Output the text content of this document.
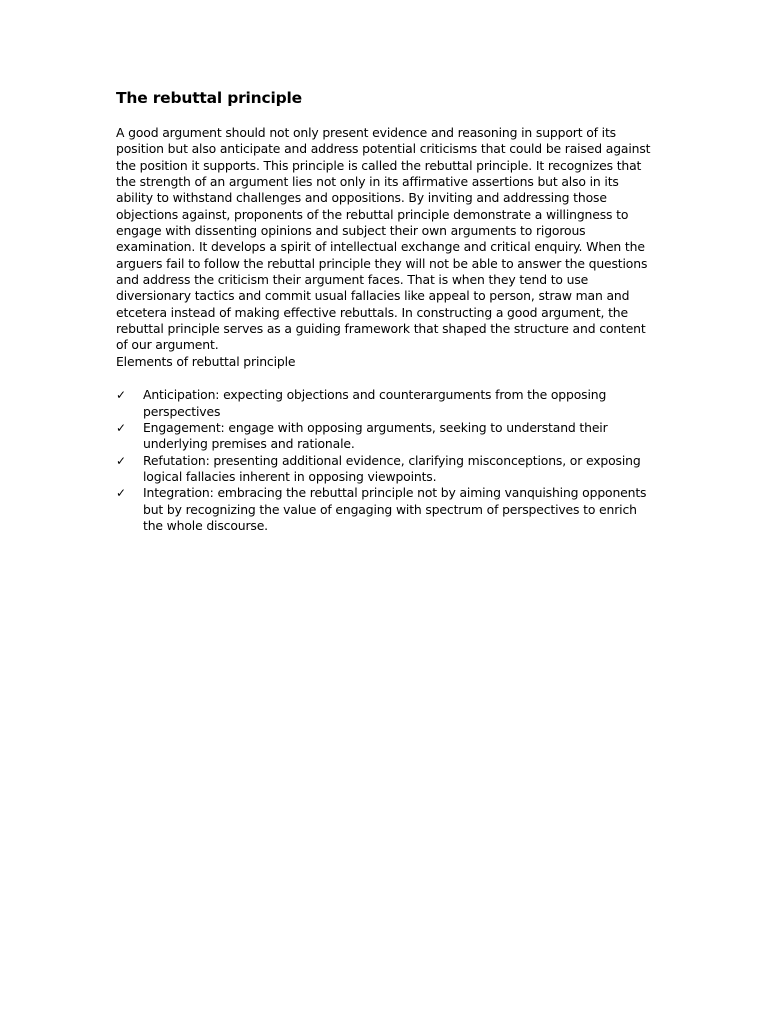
The rebuttal principle

A good argument should not only present evidence and reasoning in support of its position but also anticipate and address potential criticisms that could be raised against the position it supports. This principle is called the rebuttal principle. It recognizes that the strength of an argument lies not only in its affirmative assertions but also in its ability to withstand challenges and oppositions. By inviting and addressing those objections against, proponents of the rebuttal principle demonstrate a willingness to engage with dissenting opinions and subject their own arguments to rigorous examination. It develops a spirit of intellectual exchange and critical enquiry. When the arguers fail to follow the rebuttal principle they will not be able to answer the questions and address the criticism their argument faces. That is when they tend to use diversionary tactics and commit usual fallacies like appeal to person, straw man and etcetera instead of making effective rebuttals. In constructing a good argument, the rebuttal principle serves as a guiding framework that shaped the structure and content of our argument.

Elements of rebuttal principle

✓	Anticipation: expecting objections and counterarguments from the opposing perspectives
✓	Engagement: engage with opposing arguments, seeking to understand their underlying premises and rationale.
✓	Refutation: presenting additional evidence, clarifying misconceptions, or exposing logical fallacies inherent in opposing viewpoints.
✓	Integration: embracing the rebuttal principle not by aiming vanquishing opponents but by recognizing the value of engaging with spectrum of perspectives to enrich the whole discourse.
